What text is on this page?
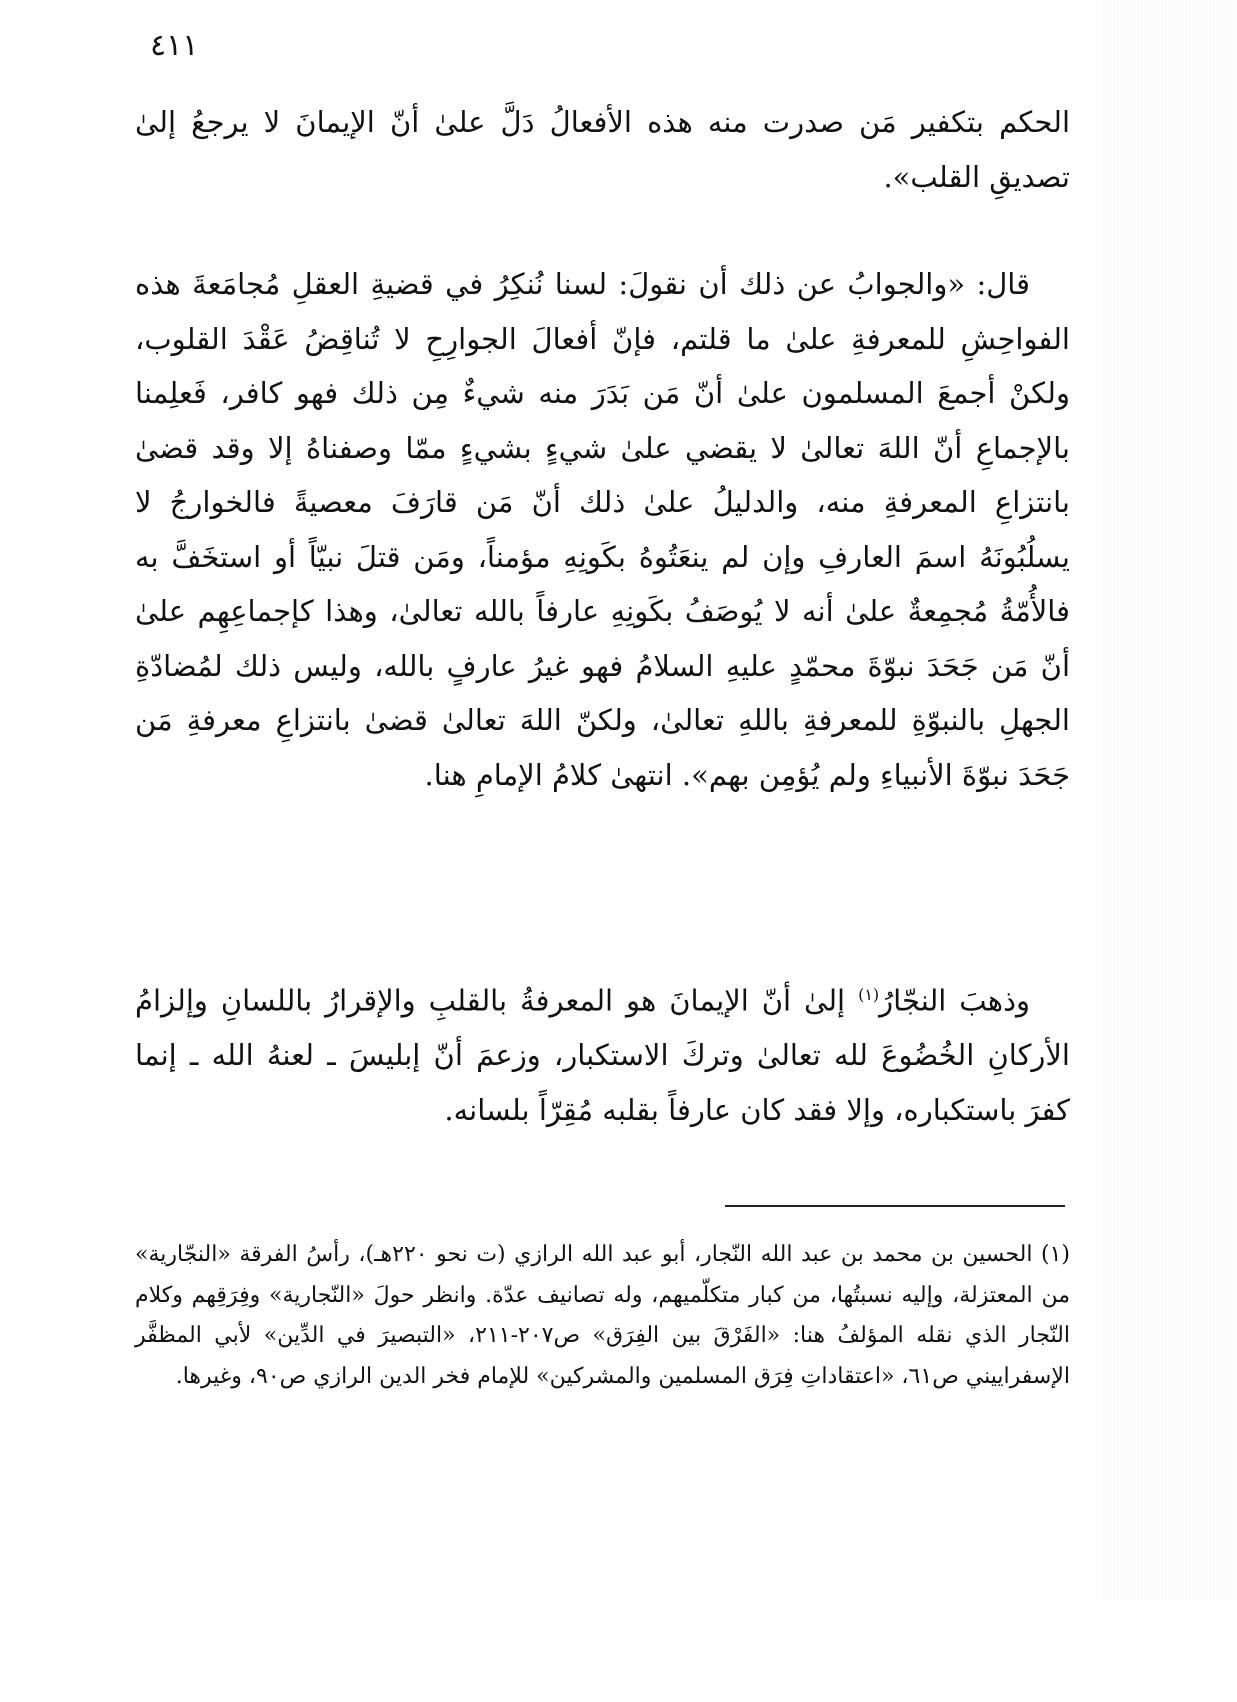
٤١١

الحكم بتكفير مَن صدرت منه هذه الأفعالُ دَلَّ علىٰ أنّ الإيمانَ لا يرجعُ إلىٰ تصديقِ القلب».

قال: «والجوابُ عن ذلك أن نقولَ: لسنا نُنكِرُ في قضيةِ العقلِ مُجامَعةَ هذه الفواحِشِ للمعرفةِ علىٰ ما قلتم، فإنّ أفعالَ الجوارِحِ لا تُناقِضُ عَقْدَ القلوب، ولكنْ أجمعَ المسلمون علىٰ أنّ مَن بَدَرَ منه شيءٌ مِن ذلك فهو كافر، فَعلِمنا بالإجماعِ أنّ اللهَ تعالىٰ لا يقضي علىٰ شيءٍ بشيءٍ ممّا وصفناهُ إلا وقد قضىٰ بانتزاعِ المعرفةِ منه، والدليلُ علىٰ ذلك أنّ مَن قارَفَ معصيةً فالخوارجُ لا يسلُبُونَهُ اسمَ العارفِ وإن لم ينعَتُوهُ بكَونِهِ مؤمناً، ومَن قتلَ نبيّاً أو استخَفَّ به فالأُمّةُ مُجمِعةٌ علىٰ أنه لا يُوصَفُ بكَونِهِ عارفاً بالله تعالىٰ، وهذا كإجماعِهِم علىٰ أنّ مَن جَحَدَ نبوّةَ محمّدٍ عليهِ السلامُ فهو غيرُ عارفٍ بالله، وليس ذلك لمُضادّةِ الجهلِ بالنبوّةِ للمعرفةِ باللهِ تعالىٰ، ولكنّ اللهَ تعالىٰ قضىٰ بانتزاعِ معرفةِ مَن جَحَدَ نبوّةَ الأنبياءِ ولم يُؤمِن بهم». انتهىٰ كلامُ الإمامِ هنا.

وذهبَ النجّارُ$^{(١)}$ إلىٰ أنّ الإيمانَ هو المعرفةُ بالقلبِ والإقرارُ باللسانِ وإلزامُ الأركانِ الخُضُوعَ لله تعالىٰ وتركَ الاستكبار، وزعمَ أنّ إبليسَ ـ لعنهُ الله ـ إنما كفرَ باستكباره، وإلا فقد كان عارفاً بقلبه مُقِرّاً بلسانه.

(١) الحسين بن محمد بن عبد الله النّجار، أبو عبد الله الرازي (ت نحو ٢٢٠هـ)، رأسُ الفرقة «النجّارية» من المعتزلة، وإليه نسبتُها، من كبار متكلّميهم، وله تصانيف عدّة. وانظر حولَ «النّجارية» وفِرَقِهم وكلام النّجار الذي نقله المؤلفُ هنا: «الفَرْقَ بين الفِرَق» ص٢٠٧-٢١١، «التبصيرَ في الدِّين» لأبي المظفَّر الإسفراييني ص٦١، «اعتقاداتِ فِرَق المسلمين والمشركين» للإمام فخر الدين الرازي ص٩٠، وغيرها.
